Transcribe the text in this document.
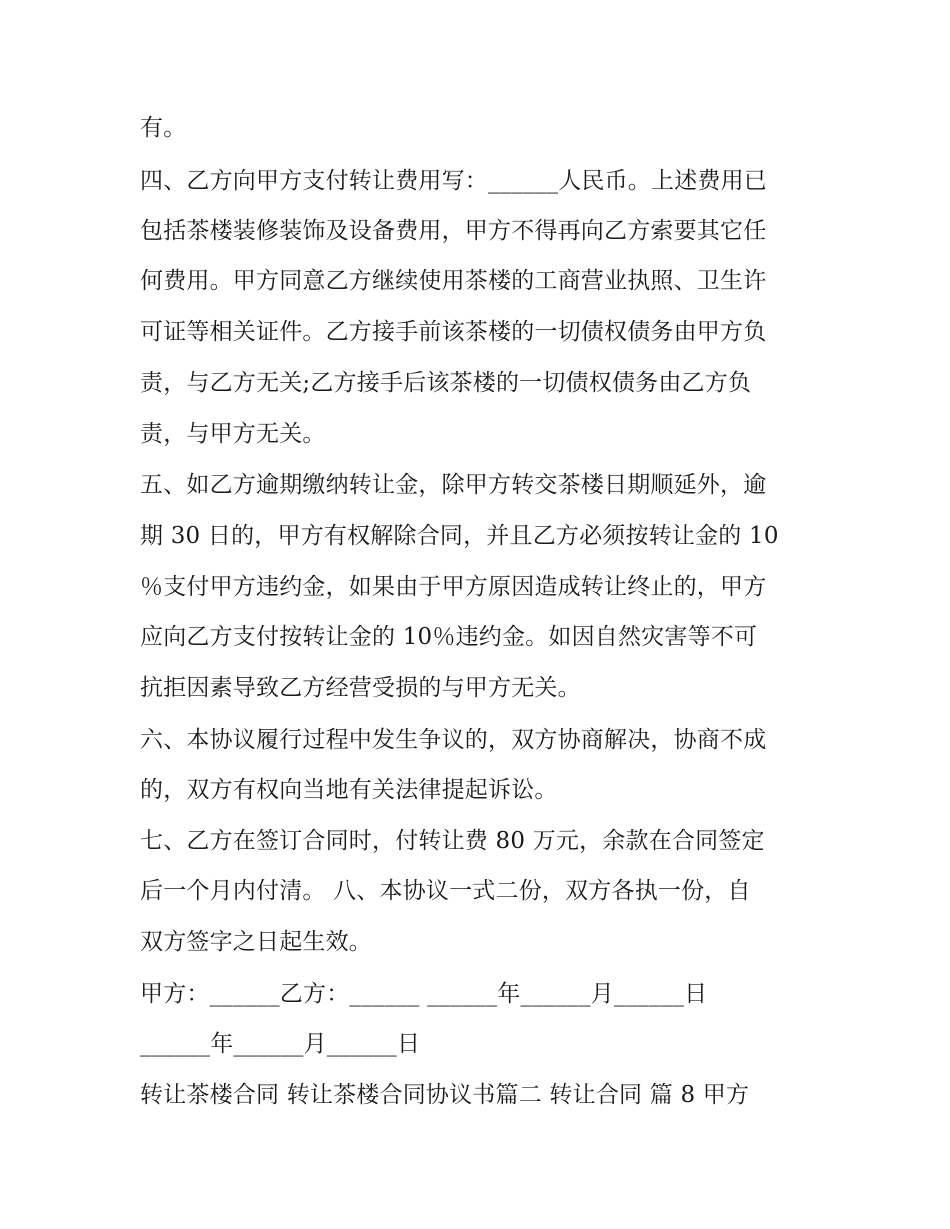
有。
四、乙方向甲方支付转让费用写：______人民币。上述费用已
包括茶楼装修装饰及设备费用，甲方不得再向乙方索要其它任
何费用。甲方同意乙方继续使用茶楼的工商营业执照、卫生许
可证等相关证件。乙方接手前该茶楼的一切债权债务由甲方负
责，与乙方无关;乙方接手后该茶楼的一切债权债务由乙方负
责，与甲方无关。
五、如乙方逾期缴纳转让金，除甲方转交茶楼日期顺延外，逾
期 30 日的，甲方有权解除合同，并且乙方必须按转让金的 10
％支付甲方违约金，如果由于甲方原因造成转让终止的，甲方
应向乙方支付按转让金的 10％违约金。如因自然灾害等不可
抗拒因素导致乙方经营受损的与甲方无关。
六、本协议履行过程中发生争议的，双方协商解决，协商不成
的，双方有权向当地有关法律提起诉讼。
七、乙方在签订合同时，付转让费 80 万元，余款在合同签定
后一个月内付清。 八、本协议一式二份，双方各执一份，自
双方签字之日起生效。
甲方：______乙方：______ ______年______月______日
______年______月______日
转让茶楼合同 转让茶楼合同协议书篇二 转让合同 篇 8 甲方
